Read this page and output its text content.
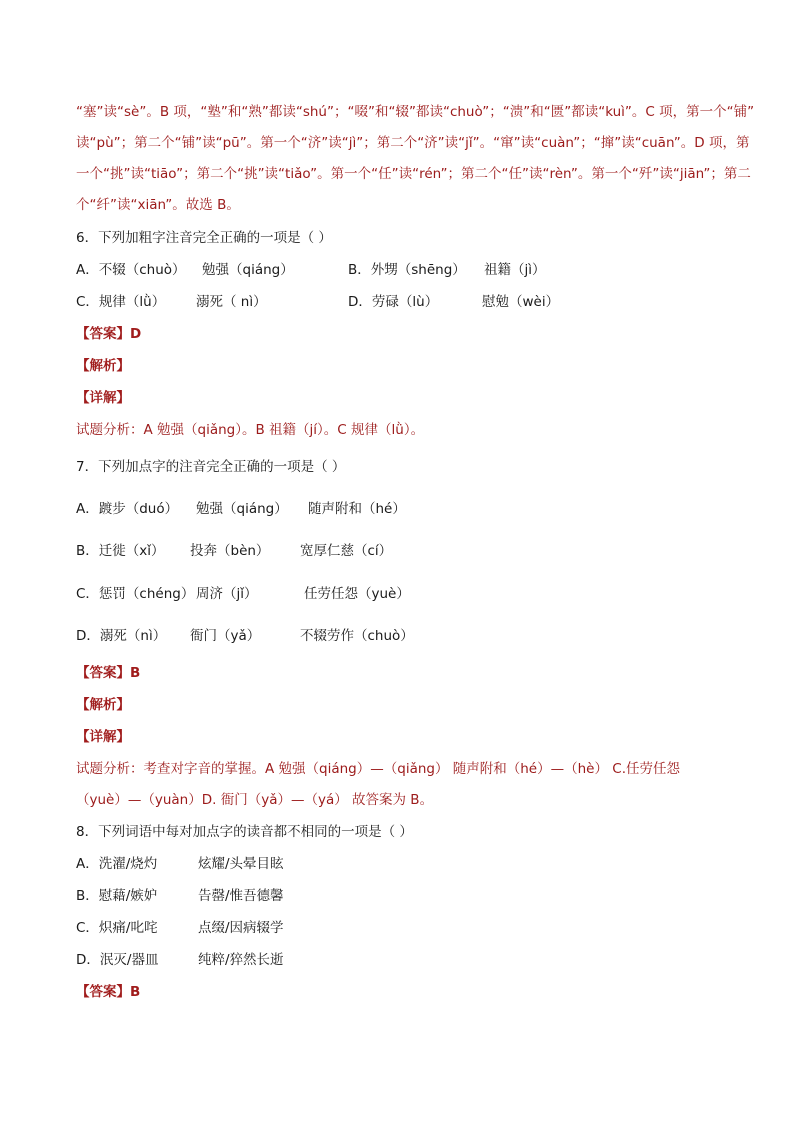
“塞”读“sè”。B 项，“塾”和“熟”都读“shú”；“啜”和“辍”都读“chuò”；“溃”和“匮”都读“kuì”。C 项，第一个“铺”
读“pù”；第二个“铺”读“pū”。第一个“济”读“jì”；第二个“济”读“jǐ”。“窜”读“cuàn”；“撺”读“cuān”。D 项，第
一个“挑”读“tiāo”；第二个“挑”读“tiǎo”。第一个“任”读“rén”；第二个“任”读“rèn”。第一个“歼”读“jiān”；第二
个“纤”读“xiān”。故选 B。
6．下列加粗字注音完全正确的一项是（ ）
A．不辍（chuò） 勉强（qiáng）	B．外甥（shēng） 祖籍（jì）
C．规律（lǜ） 溺死（ nì）	D．劳碌（lù）	慰勉（wèi）
【答案】D
【解析】
【详解】
试题分析：A 勉强（qiǎng）。B 祖籍（jí）。C 规律（lǜ）。
7．下列加点字的注音完全正确的一项是（ ）
A．踱步（duó） 勉强（qiáng） 随声附和（hé）
B．迁徙（xǐ） 投奔（bèn） 宽厚仁慈（cí）
C．惩罚（chéng） 周济（jǐ）	任劳任怨（yuè）
D．溺死（nì） 衙门（yǎ）	不辍劳作（chuò）
【答案】B
【解析】
【详解】
试题分析：考查对字音的掌握。A 勉强（qiáng）—（qiǎng） 随声附和（hé）—（hè） C.任劳任怨
（yuè）—（yuàn）D. 衙门（yǎ）—（yá） 故答案为 B。
8．下列词语中每对加点字的读音都不相同的一项是（ ）
A．洗濯/烧灼	炫耀/头晕目眩
B．慰藉/嫉妒	告罄/惟吾德馨
C．炽痛/叱咤	点缀/因病辍学
D．泯灭/器皿	纯粹/猝然长逝
【答案】B
